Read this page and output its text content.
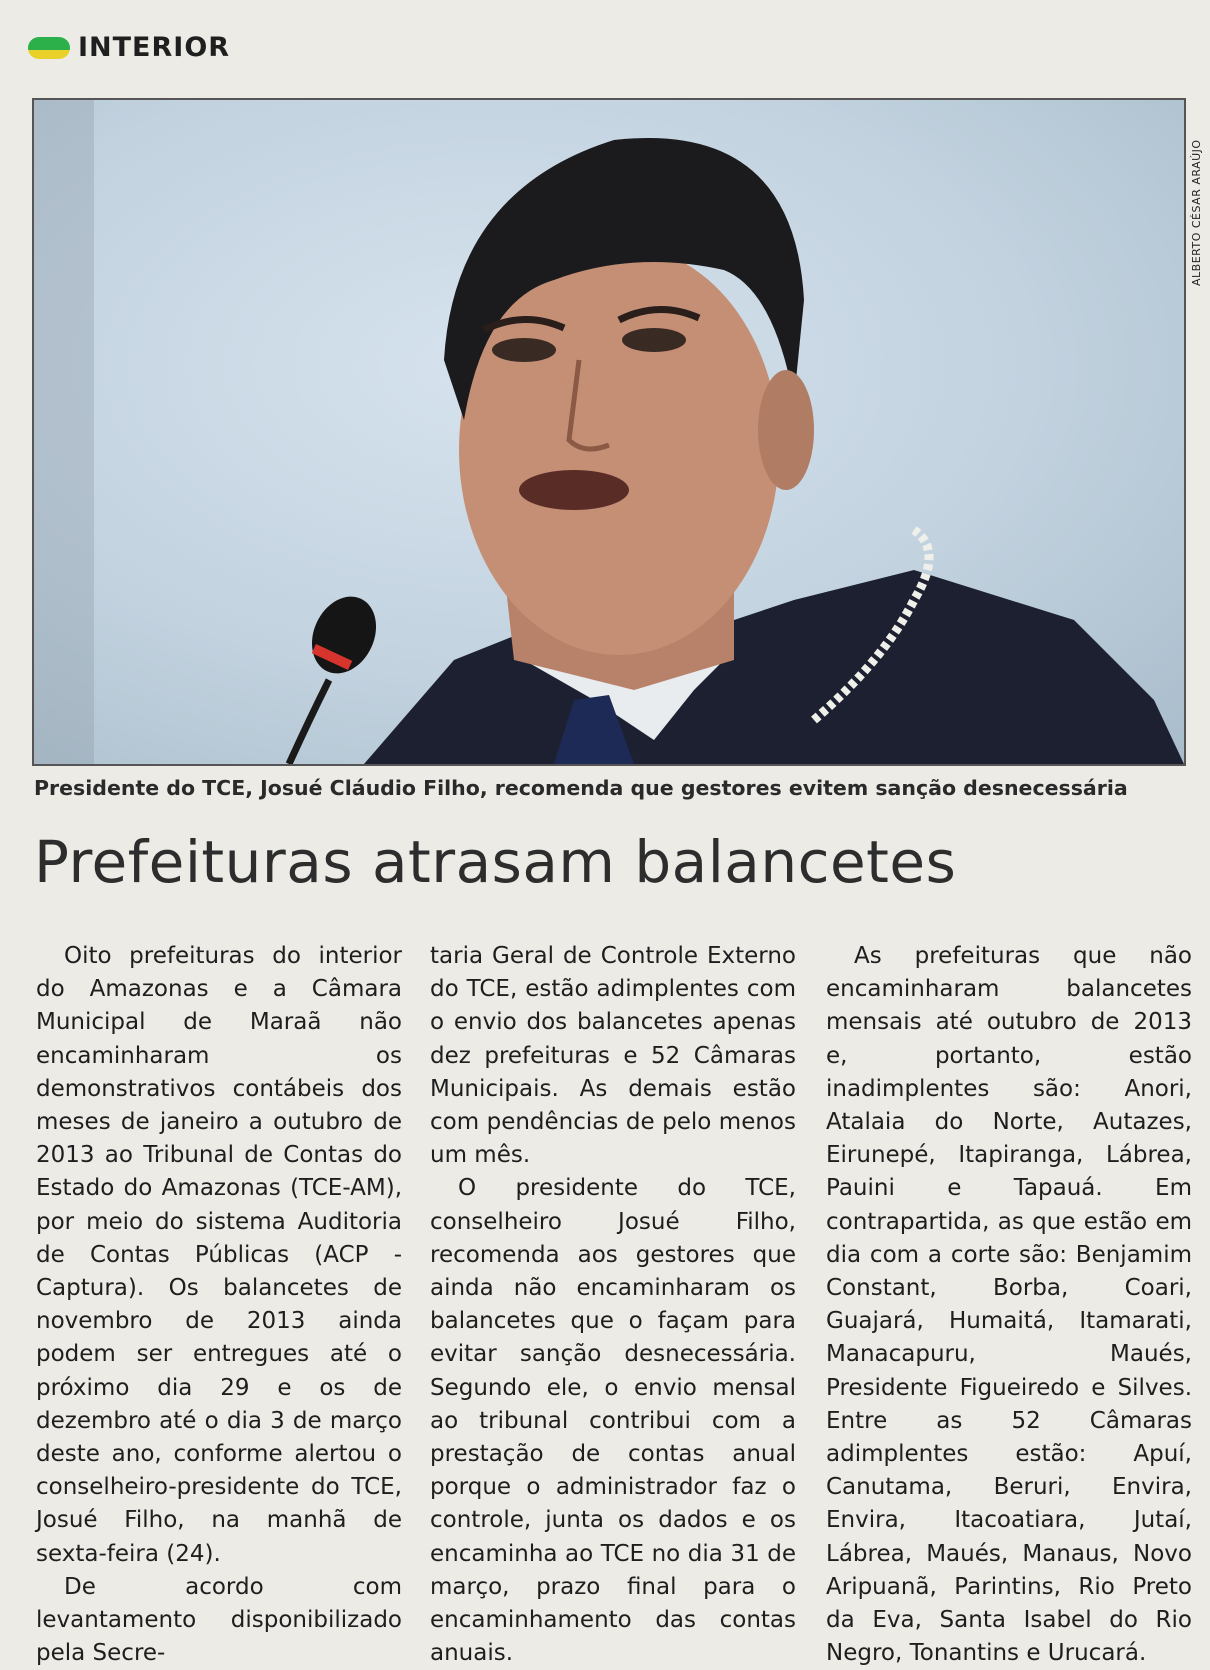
INTERIOR
ALBERTO CÉSAR ARAÚJO
Presidente do TCE, Josué Cláudio Filho, recomenda que gestores evitem sanção desnecessária
Prefeituras atrasam balancetes

Oito prefeituras do interior do Amazonas e a Câmara Municipal de Maraã não encaminharam os demonstrativos contábeis dos meses de janeiro a outubro de 2013 ao Tribunal de Contas do Estado do Amazonas (TCE-AM), por meio do sistema Auditoria de Contas Públicas (ACP - Captura). Os balancetes de novembro de 2013 ainda podem ser entregues até o próximo dia 29 e os de dezembro até o dia 3 de março deste ano, conforme alertou o conselheiro-presidente do TCE, Josué Filho, na manhã de sexta-feira (24).

De acordo com levantamento disponibilizado pela Secre-

taria Geral de Controle Externo do TCE, estão adimplentes com o envio dos balancetes apenas dez prefeituras e 52 Câmaras Municipais. As demais estão com pendências de pelo menos um mês.

O presidente do TCE, conselheiro Josué Filho, recomenda aos gestores que ainda não encaminharam os balancetes que o façam para evitar sanção desnecessária. Segundo ele, o envio mensal ao tribunal contribui com a prestação de contas anual porque o administrador faz o controle, junta os dados e os encaminha ao TCE no dia 31 de março, prazo final para o encaminhamento das contas anuais.

As prefeituras que não encaminharam balancetes mensais até outubro de 2013 e, portanto, estão inadimplentes são: Anori, Atalaia do Norte, Autazes, Eirunepé, Itapiranga, Lábrea, Pauini e Tapauá. Em contrapartida, as que estão em dia com a corte são: Benjamim Constant, Borba, Coari, Guajará, Humaitá, Itamarati, Manacapuru, Maués, Presidente Figueiredo e Silves. Entre as 52 Câmaras adimplentes estão: Apuí, Canutama, Beruri, Envira, Envira, Itacoatiara, Jutaí, Lábrea, Maués, Manaus, Novo Aripuanã, Parintins, Rio Preto da Eva, Santa Isabel do Rio Negro, Tonantins e Urucará.
